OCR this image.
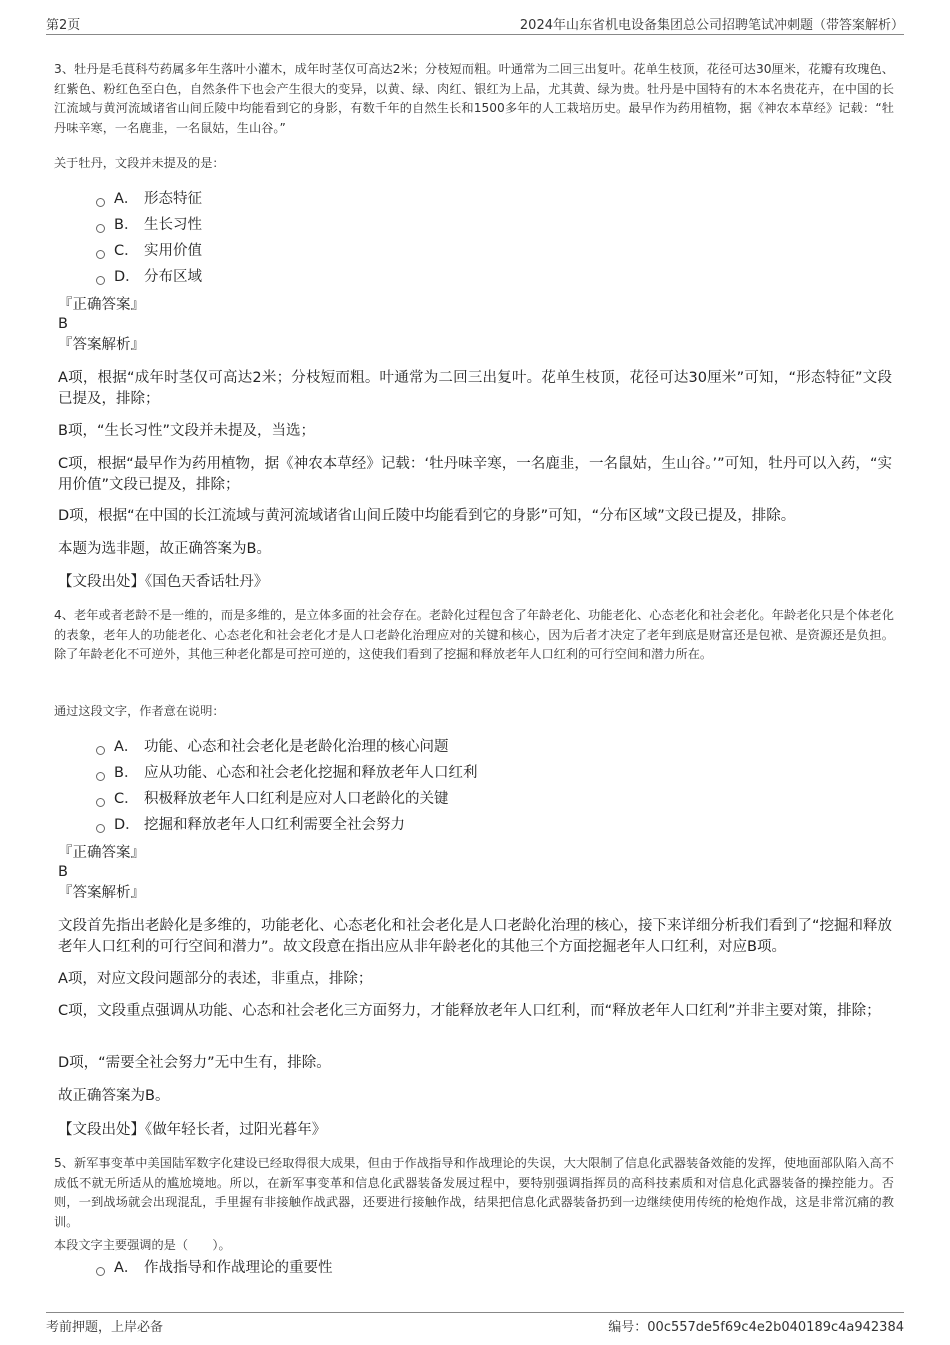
第2页	2024年山东省机电设备集团总公司招聘笔试冲刺题（带答案解析）
3、牡丹是毛茛科芍药属多年生落叶小灌木，成年时茎仅可高达2米；分枝短而粗。叶通常为二回三出复叶。花单生枝顶，花径可达30厘米，花瓣有玫瑰色、红紫色、粉红色至白色，自然条件下也会产生很大的变异，以黄、绿、肉红、银红为上品，尤其黄、绿为贵。牡丹是中国特有的木本名贵花卉，在中国的长江流域与黄河流域诸省山间丘陵中均能看到它的身影，有数千年的自然生长和1500多年的人工栽培历史。最早作为药用植物，据《神农本草经》记载：“牡丹味辛寒，一名鹿韭，一名鼠姑，生山谷。”
关于牡丹，文段并未提及的是：
A． 形态特征
B． 生长习性
C． 实用价值
D． 分布区域
『正确答案』
B
『答案解析』
A项，根据“成年时茎仅可高达2米；分枝短而粗。叶通常为二回三出复叶。花单生枝顶，花径可达30厘米”可知，“形态特征”文段已提及，排除；
B项，“生长习性”文段并未提及，当选；
C项，根据“最早作为药用植物，据《神农本草经》记载：‘牡丹味辛寒，一名鹿韭，一名鼠姑，生山谷。’”可知，牡丹可以入药，“实用价值”文段已提及，排除；
D项，根据“在中国的长江流域与黄河流域诸省山间丘陵中均能看到它的身影”可知，“分布区域”文段已提及，排除。
本题为选非题，故正确答案为B。
【文段出处】《国色天香话牡丹》
4、老年或者老龄不是一维的，而是多维的，是立体多面的社会存在。老龄化过程包含了年龄老化、功能老化、心态老化和社会老化。年龄老化只是个体老化的表象，老年人的功能老化、心态老化和社会老化才是人口老龄化治理应对的关键和核心，因为后者才决定了老年到底是财富还是包袱、是资源还是负担。除了年龄老化不可逆外，其他三种老化都是可控可逆的，这使我们看到了挖掘和释放老年人口红利的可行空间和潜力所在。
通过这段文字，作者意在说明：
A． 功能、心态和社会老化是老龄化治理的核心问题
B． 应从功能、心态和社会老化挖掘和释放老年人口红利
C． 积极释放老年人口红利是应对人口老龄化的关键
D． 挖掘和释放老年人口红利需要全社会努力
『正确答案』
B
『答案解析』
文段首先指出老龄化是多维的，功能老化、心态老化和社会老化是人口老龄化治理的核心，接下来详细分析我们看到了“挖掘和释放老年人口红利的可行空间和潜力”。故文段意在指出应从非年龄老化的其他三个方面挖掘老年人口红利，对应B项。
A项，对应文段问题部分的表述，非重点，排除；
C项，文段重点强调从功能、心态和社会老化三方面努力，才能释放老年人口红利，而“释放老年人口红利”并非主要对策，排除；
D项，“需要全社会努力”无中生有，排除。
故正确答案为B。
【文段出处】《做年轻长者，过阳光暮年》
5、新军事变革中美国陆军数字化建设已经取得很大成果，但由于作战指导和作战理论的失误，大大限制了信息化武器装备效能的发挥，使地面部队陷入高不成低不就无所适从的尴尬境地。所以，在新军事变革和信息化武器装备发展过程中，要特别强调指挥员的高科技素质和对信息化武器装备的操控能力。否则，一到战场就会出现混乱，手里握有非接触作战武器，还要进行接触作战，结果把信息化武器装备扔到一边继续使用传统的枪炮作战，这是非常沉痛的教训。
本段文字主要强调的是（　　）。
A． 作战指导和作战理论的重要性
考前押题，上岸必备	编号：00c557de5f69c4e2b040189c4a942384
